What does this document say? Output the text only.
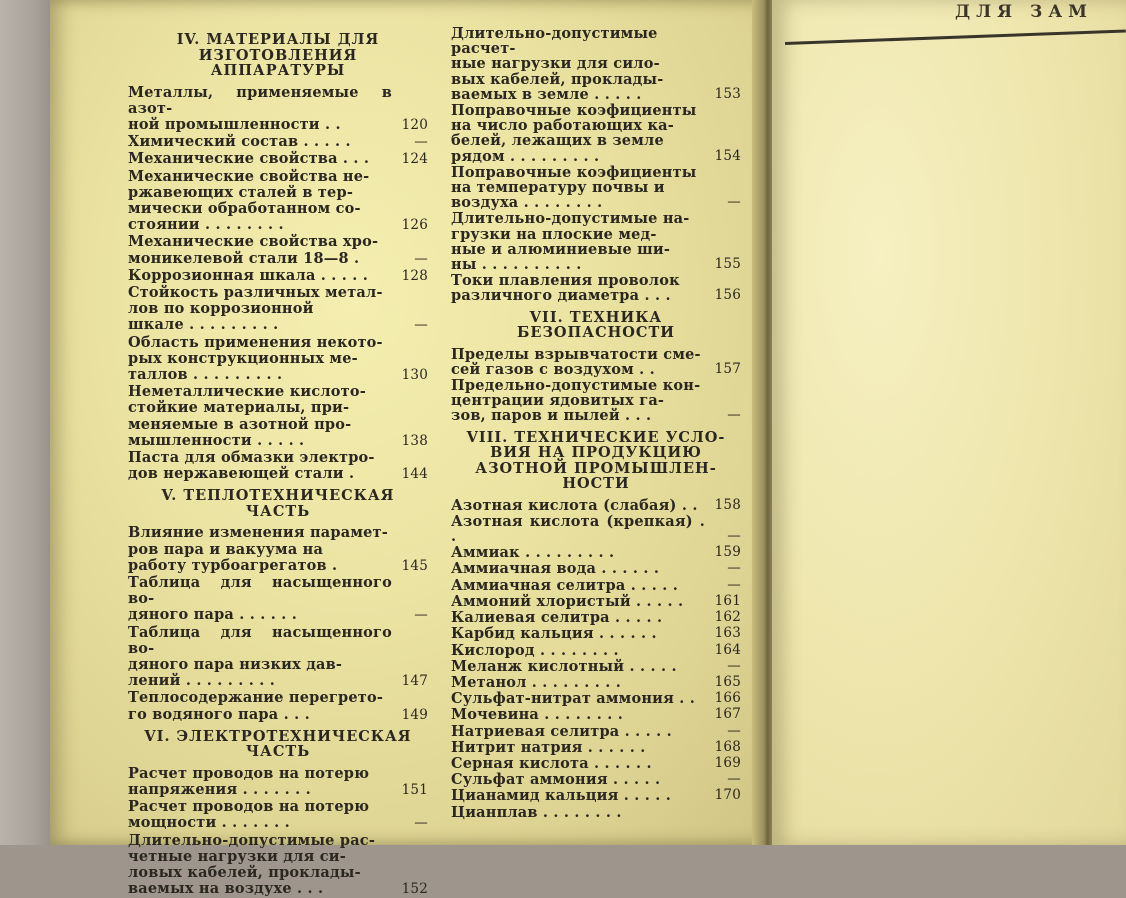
ДЛЯ ЗАМ
IV. МАТЕРИАЛЫ ДЛЯ
ИЗГОТОВЛЕНИЯ
АППАРАТУРЫ
Металлы, применяемые в азот-
ной промышленности . .	120
Химический состав . . . . .	—
Механические свойства . . .	124
Механические свойства не-
ржавеющих сталей в тер-
мически обработанном со-
стоянии . . . . . . . .	126
Механические свойства хро-
моникелевой стали 18—8 .	—
Коррозионная шкала . . . . .	128
Стойкость различных метал-
лов по коррозионной
шкале . . . . . . . . .	—
Область применения некото-
рых конструкционных ме-
таллов . . . . . . . . .	130
Неметаллические кислото-
стойкие материалы, при-
меняемые в азотной про-
мышленности . . . . .	138
Паста для обмазки электро-
дов нержавеющей стали .	144
V. ТЕПЛОТЕХНИЧЕСКАЯ
ЧАСТЬ
Влияние изменения парамет-
ров пара и вакуума на
работу турбоагрегатов .	145
Таблица для насыщенного во-
дяного пара . . . . . .	—
Таблица для насыщенного во-
дяного пара низких дав-
лений . . . . . . . . .	147
Теплосодержание перегрето-
го водяного пара . . .	149
VI. ЭЛЕКТРОТЕХНИЧЕСКАЯ
ЧАСТЬ
Расчет проводов на потерю
напряжения . . . . . . .	151
Расчет проводов на потерю
мощности . . . . . . .	—
Длительно-допустимые рас-
четные нагрузки для си-
ловых кабелей, проклады-
ваемых на воздухе . . .	152
Длительно-допустимые расчет-
ные нагрузки для сило-
вых кабелей, проклады-
ваемых в земле . . . . .	153
Поправочные коэфициенты
на число работающих ка-
белей, лежащих в земле
рядом . . . . . . . . .	154
Поправочные коэфициенты
на температуру почвы и
воздуха . . . . . . . .	—
Длительно-допустимые на-
грузки на плоские мед-
ные и алюминиевые ши-
ны . . . . . . . . . .	155
Токи плавления проволок
различного диаметра . . .	156
VII. ТЕХНИКА
БЕЗОПАСНОСТИ
Пределы взрывчатости сме-
сей газов с воздухом . .	157
Предельно-допустимые кон-
центрации ядовитых га-
зов, паров и пылей . . .	—
VIII. ТЕХНИЧЕСКИЕ УСЛО-
ВИЯ НА ПРОДУКЦИЮ
АЗОТНОЙ ПРОМЫШЛЕН-
НОСТИ
Азотная кислота (слабая) . .	158
Азотная кислота (крепкая) . .	—
Аммиак . . . . . . . . .	159
Аммиачная вода . . . . . .	—
Аммиачная селитра . . . . .	—
Аммоний хлористый . . . . .	161
Калиевая селитра . . . . .	162
Карбид кальция . . . . . .	163
Кислород . . . . . . . .	164
Меланж кислотный . . . . .	—
Метанол . . . . . . . . .	165
Сульфат-нитрат аммония . .	166
Мочевина . . . . . . . .	167
Натриевая селитра . . . . .	—
Нитрит натрия . . . . . .	168
Серная кислота . . . . . .	169
Сульфат аммония . . . . .	—
Цианамид кальция . . . . .	170
Цианплав . . . . . . . .
